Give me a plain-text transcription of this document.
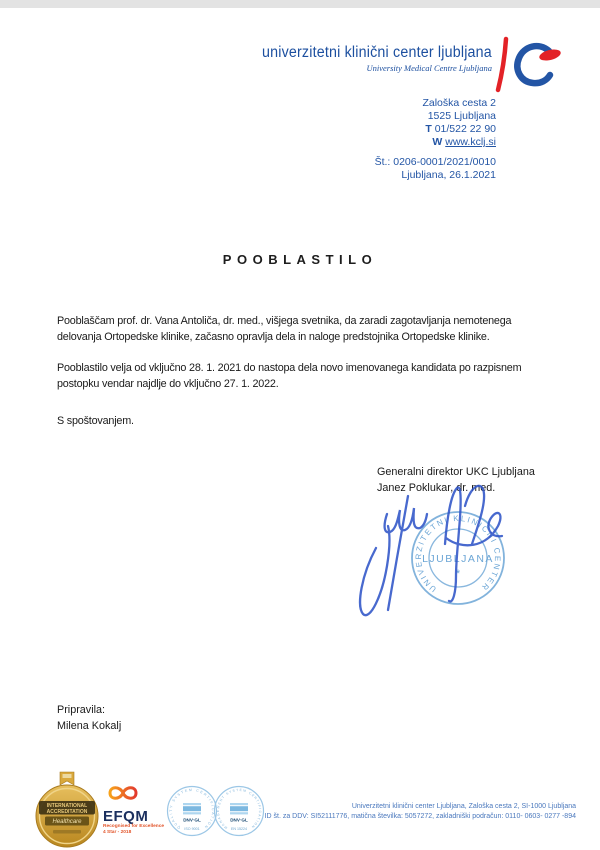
univerzitetni klinični center ljubljana
University Medical Centre Ljubljana
Zaloška cesta 2
1525 Ljubljana
T 01/522 22 90
W www.kclj.si
Št.: 0206-0001/2021/0010
Ljubljana, 26.1.2021
POOBLASTILO
Pooblaščam prof. dr. Vana Antoliča, dr. med., višjega svetnika, da zaradi zagotavljanja nemotenega delovanja Ortopedske klinike, začasno opravlja dela in naloge predstojnika Ortopedske klinike.
Pooblastilo velja od vključno 28. 1. 2021 do nastopa dela novo imenovanega kandidata po razpisnem postopku vendar najdlje do vključno 27. 1. 2022.
S spoštovanjem.
Generalni direktor UKC Ljubljana
Janez Poklukar, dr. med.
UNIVERZITETNI KLINIČNI CENTER
LJUBLJANA
*
Pripravila:
Milena Kokalj
INTERNATIONAL
ACCREDITATION
Healthcare EFQM
Recognised for Excellence
4 Star - 2018
QUALITY SYSTEM CERTIFICATION
DNV·GL
ISO 9001	MANAGEMENT SYSTEM CERTIFICATION
DNV·GL
EN 15224
Univerzitetni klinični center Ljubljana, Zaloška cesta 2, SI-1000 Ljubljana
ID št. za DDV: SI52111776, matična številka: 5057272, zakladniški podračun: 0110- 0603- 0277 -894
